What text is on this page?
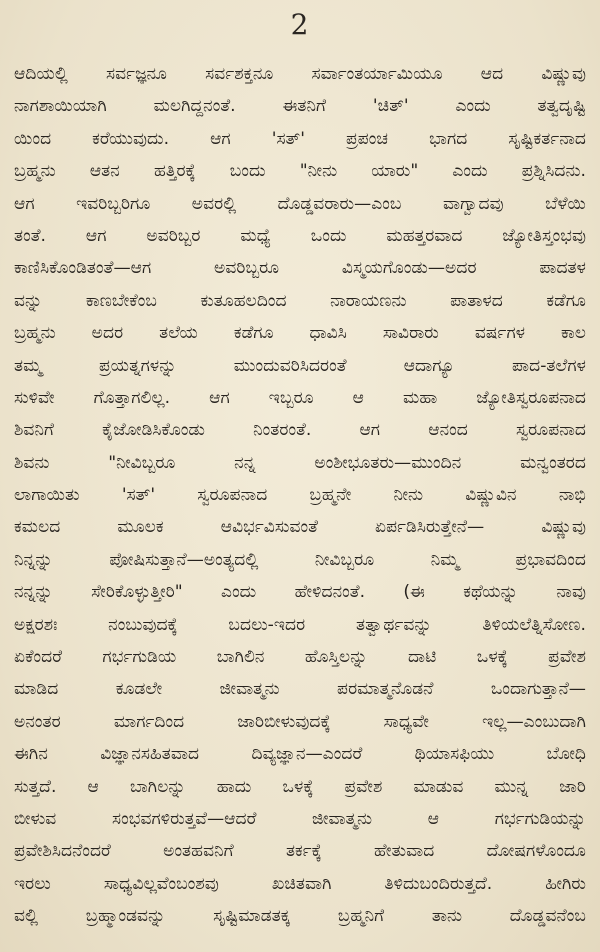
2
ಆದಿಯಲ್ಲಿ ಸರ್ವಜ್ಞನೂ ಸರ್ವಶಕ್ತನೂ ಸರ್ವಾಂತರ್ಯಾಮಿಯೂ ಆದ ವಿಷ್ಣುವು
ನಾಗಶಾಯಿಯಾಗಿ ಮಲಗಿದ್ದನಂತೆ. ಈತನಿಗೆ 'ಚಿತ್' ಎಂದು ತತ್ವದೃಷ್ಟಿ
ಯಿಂದ ಕರೆಯುವುದು. ಆಗ 'ಸತ್' ಪ್ರಪಂಚ ಭಾಗದ ಸೃಷ್ಟಿಕರ್ತನಾದ
ಬ್ರಹ್ಮನು ಆತನ ಹತ್ತಿರಕ್ಕೆ ಬಂದು "ನೀನು ಯಾರು" ಎಂದು ಪ್ರಶ್ನಿಸಿದನು.
ಆಗ ಇವರಿಬ್ಬರಿಗೂ ಅವರಲ್ಲಿ ದೊಡ್ಡವರಾರು—ಎಂಬ ವಾಗ್ವಾದವು ಬೆಳೆಯಿ
ತಂತೆ. ಆಗ ಅವರಿಬ್ಬರ ಮಧ್ಯೆ ಒಂದು ಮಹತ್ತರವಾದ ಜ್ಯೋತಿಸ್ತಂಭವು
ಕಾಣಿಸಿಕೊಂಡಿತಂತೆ—ಆಗ ಅವರಿಬ್ಬರೂ ವಿಸ್ಮಯಗೊಂಡು—ಅದರ ಪಾದತಳ
ವನ್ನು ಕಾಣಬೇಕೆಂಬ ಕುತೂಹಲದಿಂದ ನಾರಾಯಣನು ಪಾತಾಳದ ಕಡೆಗೂ
ಬ್ರಹ್ಮನು ಅದರ ತಲೆಯ ಕಡೆಗೂ ಧಾವಿಸಿ ಸಾವಿರಾರು ವರ್ಷಗಳ ಕಾಲ
ತಮ್ಮ ಪ್ರಯತ್ನಗಳನ್ನು ಮುಂದುವರಿಸಿದರಂತೆ ಆದಾಗ್ಯೂ ಪಾದ-ತಲೆಗಳ
ಸುಳಿವೇ ಗೊತ್ತಾಗಲಿಲ್ಲ. ಆಗ ಇಬ್ಬರೂ ಆ ಮಹಾ ಜ್ಯೋತಿಸ್ವರೂಪನಾದ
ಶಿವನಿಗೆ ಕೈಜೋಡಿಸಿಕೊಂಡು ನಿಂತರಂತೆ. ಆಗ ಆನಂದ ಸ್ವರೂಪನಾದ
ಶಿವನು "ನೀವಿಬ್ಬರೂ ನನ್ನ ಅಂಶೀಭೂತರು—ಮುಂದಿನ ಮನ್ವಂತರದ
ಲಾಗಾಯಿತು 'ಸತ್' ಸ್ವರೂಪನಾದ ಬ್ರಹ್ಮನೇ ನೀನು ವಿಷ್ಣುವಿನ ನಾಭಿ
ಕಮಲದ ಮೂಲಕ ಆವಿರ್ಭವಿಸುವಂತೆ ಏರ್ಪಡಿಸಿರುತ್ತೇನೆ— ವಿಷ್ಣುವು
ನಿನ್ನನ್ನು ಪೋಷಿಸುತ್ತಾನೆ—ಅಂತ್ಯದಲ್ಲಿ ನೀವಿಬ್ಬರೂ ನಿಮ್ಮ ಪ್ರಭಾವದಿಂದ
ನನ್ನನ್ನು ಸೇರಿಕೊಳ್ಳುತ್ತೀರಿ" ಎಂದು ಹೇಳಿದನಂತೆ. (ಈ ಕಥೆಯನ್ನು ನಾವು
ಅಕ್ಷರಶಃ ನಂಬುವುದಕ್ಕೆ ಬದಲು-ಇದರ ತತ್ವಾರ್ಥವನ್ನು ತಿಳಿಯಲೆತ್ನಿಸೋಣ.
ಏಕೆಂದರೆ ಗರ್ಭಗುಡಿಯ ಬಾಗಿಲಿನ ಹೊಸ್ತಿಲನ್ನು ದಾಟಿ ಒಳಕ್ಕೆ ಪ್ರವೇಶ
ಮಾಡಿದ ಕೂಡಲೇ ಜೀವಾತ್ಮನು ಪರಮಾತ್ಮನೊಡನೆ ಒಂದಾಗುತ್ತಾನೆ—
ಅನಂತರ ಮಾರ್ಗದಿಂದ ಜಾರಿಬೀಳುವುದಕ್ಕೆ ಸಾಧ್ಯವೇ ಇಲ್ಲ—ಎಂಬುದಾಗಿ
ಈಗಿನ ವಿಜ್ಞಾನಸಹಿತವಾದ ದಿವ್ಯಜ್ಞಾನ—ಎಂದರೆ ಥಿಯಾಸಫಿಯು ಬೋಧಿ
ಸುತ್ತದೆ. ಆ ಬಾಗಿಲನ್ನು ಹಾದು ಒಳಕ್ಕೆ ಪ್ರವೇಶ ಮಾಡುವ ಮುನ್ನ ಜಾರಿ
ಬೀಳುವ ಸಂಭವಗಳಿರುತ್ತವೆ—ಆದರೆ ಜೀವಾತ್ಮನು ಆ ಗರ್ಭಗುಡಿಯನ್ನು
ಪ್ರವೇಶಿಸಿದನೆಂದರೆ ಅಂತಹವನಿಗೆ ತರ್ಕಕ್ಕೆ ಹೇತುವಾದ ದೋಷಗಳೊಂದೂ
ಇರಲು ಸಾಧ್ಯವಿಲ್ಲವೆಂಬಂಶವು ಖಚಿತವಾಗಿ ತಿಳಿದುಬಂದಿರುತ್ತದೆ. ಹೀಗಿರು
ವಲ್ಲಿ ಬ್ರಹ್ಮಾಂಡವನ್ನು ಸೃಷ್ಟಿಮಾಡತಕ್ಕ ಬ್ರಹ್ಮನಿಗೆ ತಾನು ದೊಡ್ಡವನೆಂಬ
